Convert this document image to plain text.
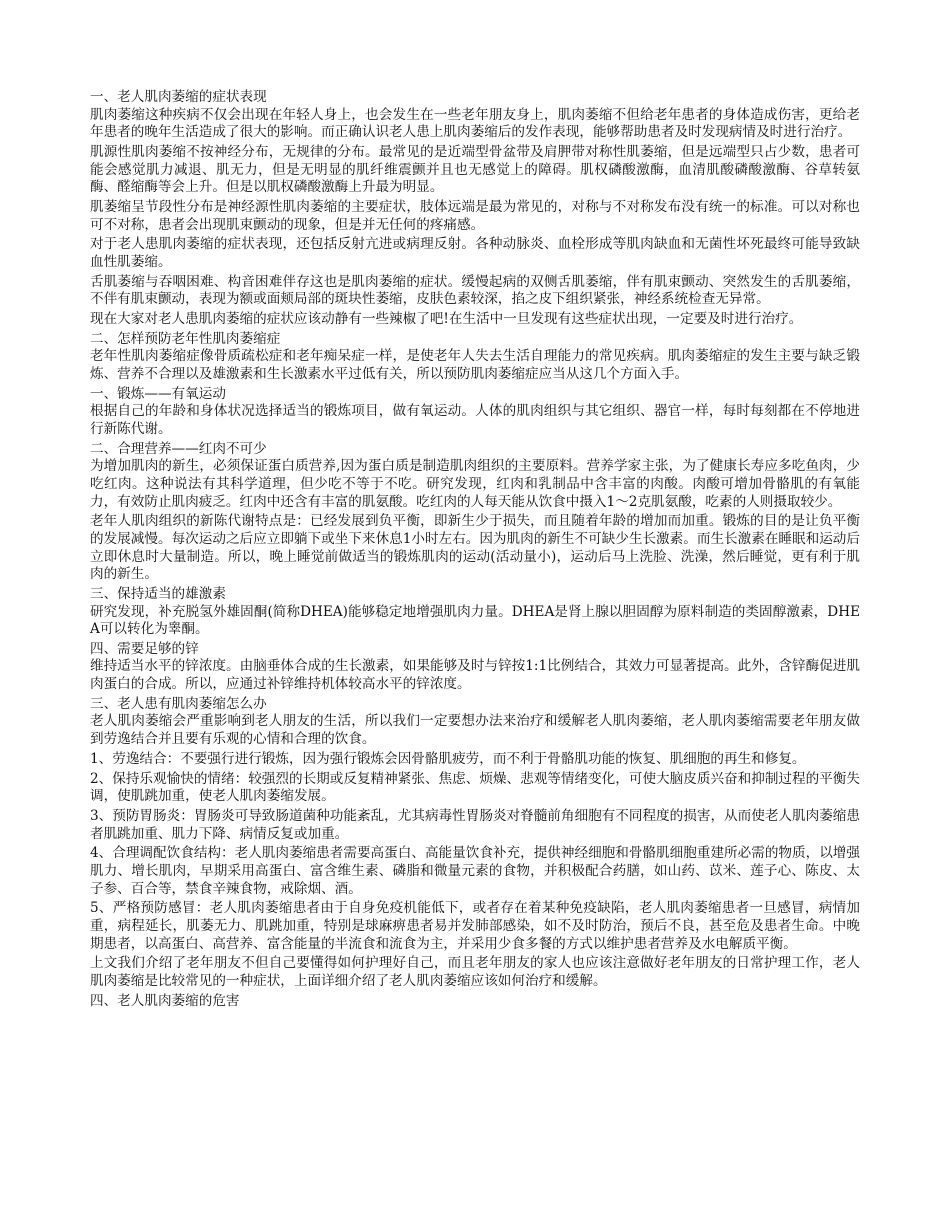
一、老人肌肉萎缩的症状表现

肌肉萎缩这种疾病不仅会出现在年轻人身上，也会发生在一些老年朋友身上，肌肉萎缩不但给老年患者的身体造成伤害，更给老年患者的晚年生活造成了很大的影响。而正确认识老人患上肌肉萎缩后的发作表现，能够帮助患者及时发现病情及时进行治疗。

肌源性肌肉萎缩不按神经分布，无规律的分布。最常见的是近端型骨盆带及肩胛带对称性肌萎缩，但是远端型只占少数，患者可能会感觉肌力减退、肌无力，但是无明显的肌纤维震颤并且也无感觉上的障碍。肌权磷酸激酶，血清肌酸磷酸激酶、谷草转氨酶、醛缩酶等会上升。但是以肌权磷酸激酶上升最为明显。

肌萎缩呈节段性分布是神经源性肌肉萎缩的主要症状，肢体远端是最为常见的，对称与不对称发布没有统一的标准。可以对称也可不对称，患者会出现肌束颤动的现象，但是并无任何的疼痛感。

对于老人患肌肉萎缩的症状表现，还包括反射亢进或病理反射。各种动脉炎、血栓形成等肌肉缺血和无菌性坏死最终可能导致缺血性肌萎缩。

舌肌萎缩与吞咽困难、构音困难伴存这也是肌肉萎缩的症状。缓慢起病的双侧舌肌萎缩，伴有肌束颤动、突然发生的舌肌萎缩，不伴有肌束颤动，表现为额或面颊局部的斑块性萎缩，皮肤色素较深，掐之皮下组织紧张，神经系统检查无异常。

现在大家对老人患肌肉萎缩的症状应该动静有一些辣椒了吧!在生活中一旦发现有这些症状出现，一定要及时进行治疗。

二、怎样预防老年性肌肉萎缩症

老年性肌肉萎缩症像骨质疏松症和老年痴呆症一样，是使老年人失去生活自理能力的常见疾病。肌肉萎缩症的发生主要与缺乏锻炼、营养不合理以及雄激素和生长激素水平过低有关，所以预防肌肉萎缩症应当从这几个方面入手。

一、锻炼——有氧运动

根据自己的年龄和身体状况选择适当的锻炼项目，做有氧运动。人体的肌肉组织与其它组织、器官一样，每时每刻都在不停地进行新陈代谢。

二、合理营养——红肉不可少

为增加肌肉的新生，必须保证蛋白质营养,因为蛋白质是制造肌肉组织的主要原料。营养学家主张，为了健康长寿应多吃鱼肉，少吃红肉。这种说法有其科学道理，但少吃不等于不吃。研究发现，红肉和乳制品中含丰富的肉酸。肉酸可增加骨骼肌的有氧能力，有效防止肌肉疲乏。红肉中还含有丰富的肌氨酸。吃红肉的人每天能从饮食中摄入1～2克肌氨酸，吃素的人则摄取较少。

老年人肌肉组织的新陈代谢特点是：已经发展到负平衡，即新生少于损失，而且随着年龄的增加而加重。锻炼的目的是让负平衡的发展减慢。每次运动之后应立即躺下或坐下来休息1小时左右。因为肌肉的新生不可缺少生长激素。而生长激素在睡眠和运动后立即休息时大量制造。所以，晚上睡觉前做适当的锻炼肌肉的运动(活动量小)，运动后马上洗脸、洗澡，然后睡觉，更有利于肌肉的新生。

三、保持适当的雄激素

研究发现，补充脱氢外雄固酮(简称DHEA)能够稳定地增强肌肉力量。DHEA是肾上腺以胆固醇为原料制造的类固醇激素，DHEA可以转化为睾酮。

四、需要足够的锌

维持适当水平的锌浓度。由脑垂体合成的生长激素，如果能够及时与锌按1:1比例结合，其效力可显著提高。此外，含锌酶促进肌肉蛋白的合成。所以，应通过补锌维持机体较高水平的锌浓度。

三、老人患有肌肉萎缩怎么办

老人肌肉萎缩会严重影响到老人朋友的生活，所以我们一定要想办法来治疗和缓解老人肌肉萎缩，老人肌肉萎缩需要老年朋友做到劳逸结合并且要有乐观的心情和合理的饮食。

1、劳逸结合：不要强行进行锻炼，因为强行锻炼会因骨骼肌疲劳，而不利于骨骼肌功能的恢复、肌细胞的再生和修复。

2、保持乐观愉快的情绪：较强烈的长期或反复精神紧张、焦虑、烦燥、悲观等情绪变化，可使大脑皮质兴奋和抑制过程的平衡失调，使肌跳加重，使老人肌肉萎缩发展。

3、预防胃肠炎：胃肠炎可导致肠道菌种功能紊乱，尤其病毒性胃肠炎对脊髓前角细胞有不同程度的损害，从而使老人肌肉萎缩患者肌跳加重、肌力下降、病情反复或加重。

4、合理调配饮食结构：老人肌肉萎缩患者需要高蛋白、高能量饮食补充，提供神经细胞和骨骼肌细胞重建所必需的物质，以增强肌力、增长肌肉，早期采用高蛋白、富含维生素、磷脂和微量元素的食物，并积极配合药膳，如山药、苡米、莲子心、陈皮、太子参、百合等，禁食辛辣食物，戒除烟、酒。

5、严格预防感冒：老人肌肉萎缩患者由于自身免疫机能低下，或者存在着某种免疫缺陷，老人肌肉萎缩患者一旦感冒，病情加重，病程延长，肌萎无力、肌跳加重，特别是球麻痹患者易并发肺部感染，如不及时防治，预后不良，甚至危及患者生命。中晚期患者，以高蛋白、高营养、富含能量的半流食和流食为主，并采用少食多餐的方式以维护患者营养及水电解质平衡。

上文我们介绍了老年朋友不但自己要懂得如何护理好自己，而且老年朋友的家人也应该注意做好老年朋友的日常护理工作，老人肌肉萎缩是比较常见的一种症状，上面详细介绍了老人肌肉萎缩应该如何治疗和缓解。

四、老人肌肉萎缩的危害
